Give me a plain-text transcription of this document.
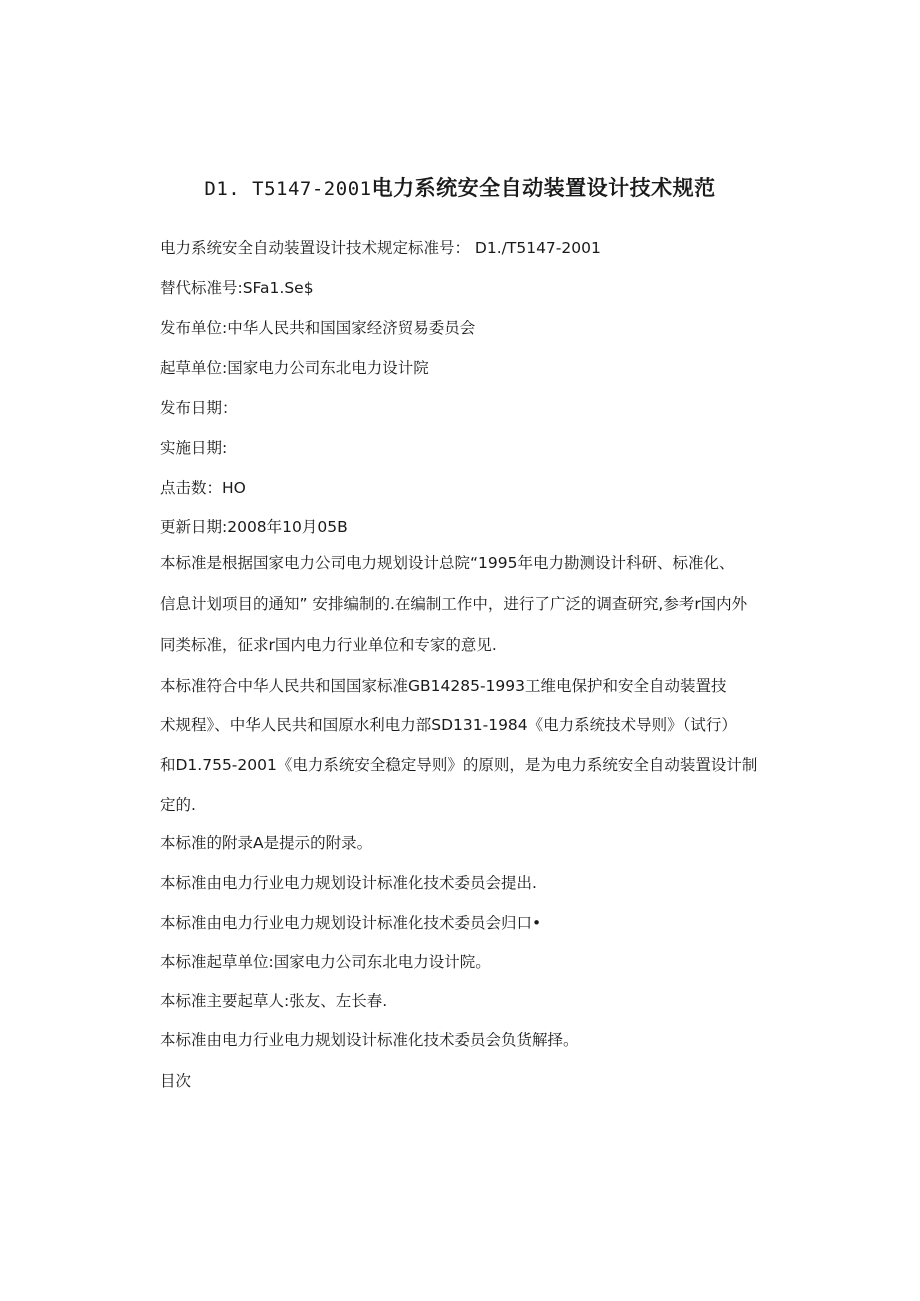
D1. T5147-2001电力系统安全自动装置设计技术规范

电力系统安全自动装置设计技术规定标准号： D1./T5147-2001

替代标准号:SFa1.Se$

发布单位:中华人民共和国国家经济贸易委员会

起草单位:国家电力公司东北电力设计院

发布日期：

实施日期:

点击数：HO

更新日期:2008年10月05B

本标准是根据国家电力公司电力规划设计总院“1995年电力勘测设计科研、标准化、

信息计划项目的通知” 安排编制的.在编制工作中，进行了广泛的调查研究,参考r国内外

同类标准，征求r国内电力行业单位和专家的意见.

本标准符合中华人民共和国国家标准GB14285-1993工维电保护和安全自动装置技

术规程》、中华人民共和国原水利电力部SD131-1984《电力系统技术导则》（试行）

和D1.755-2001《电力系统安全稳定导则》的原则，是为电力系统安全自动装置设计制

定的.

本标准的附录A是提示的附录。

本标准由电力行业电力规划设计标准化技术委员会提出.

本标准由电力行业电力规划设计标准化技术委员会归口•

本标准起草单位:国家电力公司东北电力设计院。

本标准主要起草人:张友、左长春.

本标准由电力行业电力规划设计标准化技术委员会负货解择。

目次
